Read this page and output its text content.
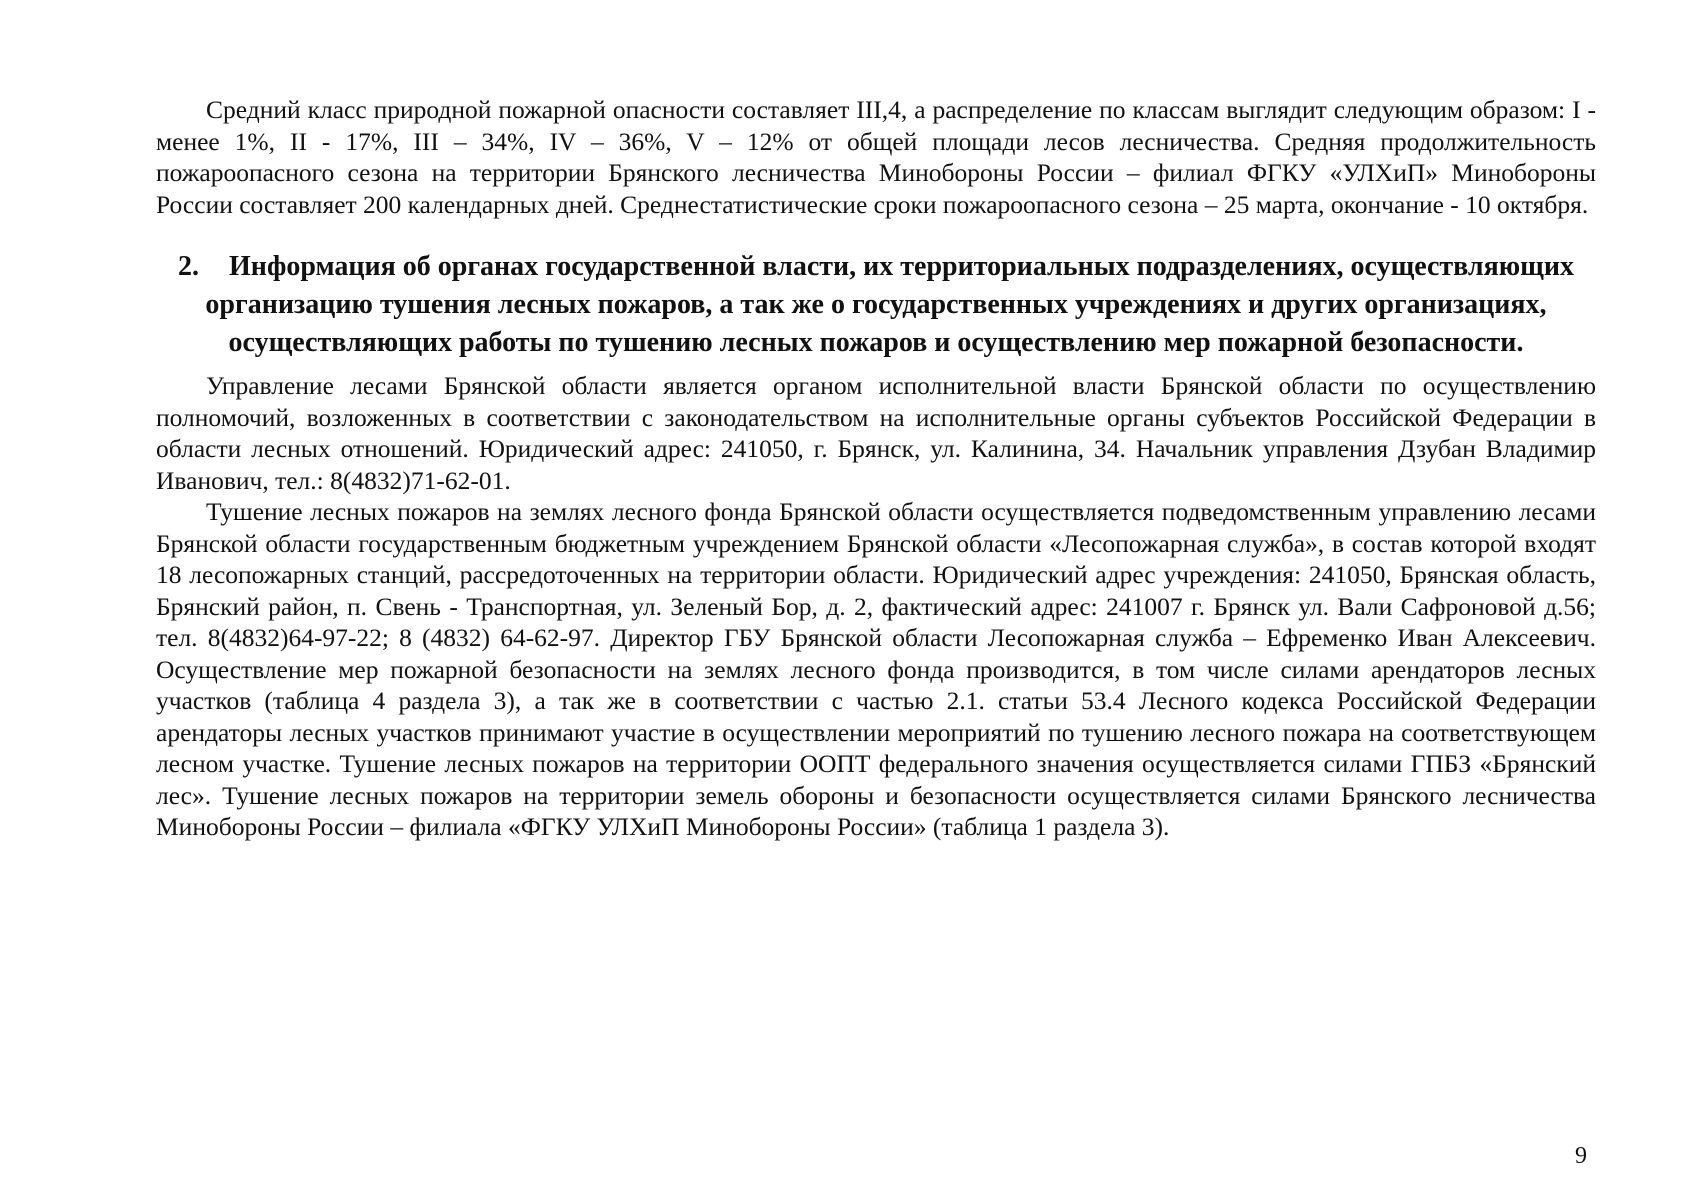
Средний класс природной пожарной опасности составляет III,4, а распределение по классам выглядит следующим образом: I - менее 1%, II - 17%, III – 34%, IV – 36%, V – 12% от общей площади лесов лесничества. Средняя продолжительность пожароопасного сезона на территории Брянского лесничества Минобороны России – филиал ФГКУ «УЛХиП» Минобороны России составляет 200 календарных дней. Среднестатистические сроки пожароопасного сезона – 25 марта, окончание - 10 октября.

2. Информация об органах государственной власти, их территориальных подразделениях, осуществляющих организацию тушения лесных пожаров, а так же о государственных учреждениях и других организациях, осуществляющих работы по тушению лесных пожаров и осуществлению мер пожарной безопасности.

Управление лесами Брянской области является органом исполнительной власти Брянской области по осуществлению полномочий, возложенных в соответствии с законодательством на исполнительные органы субъектов Российской Федерации в области лесных отношений. Юридический адрес: 241050, г. Брянск, ул. Калинина, 34. Начальник управления Дзубан Владимир Иванович, тел.: 8(4832)71-62-01.

Тушение лесных пожаров на землях лесного фонда Брянской области осуществляется подведомственным управлению лесами Брянской области государственным бюджетным учреждением Брянской области «Лесопожарная служба», в состав которой входят 18 лесопожарных станций, рассредоточенных на территории области. Юридический адрес учреждения: 241050, Брянская область, Брянский район, п. Свень - Транспортная, ул. Зеленый Бор, д. 2, фактический адрес: 241007 г. Брянск ул. Вали Сафроновой д.56; тел. 8(4832)64-97-22; 8 (4832) 64-62-97. Директор ГБУ Брянской области Лесопожарная служба – Ефременко Иван Алексеевич. Осуществление мер пожарной безопасности на землях лесного фонда производится, в том числе силами арендаторов лесных участков (таблица 4 раздела 3), а так же в соответствии с частью 2.1. статьи 53.4 Лесного кодекса Российской Федерации арендаторы лесных участков принимают участие в осуществлении мероприятий по тушению лесного пожара на соответствующем лесном участке. Тушение лесных пожаров на территории ООПТ федерального значения осуществляется силами ГПБЗ «Брянский лес». Тушение лесных пожаров на территории земель обороны и безопасности осуществляется силами Брянского лесничества Минобороны России – филиала «ФГКУ УЛХиП Минобороны России» (таблица 1 раздела 3).

9
